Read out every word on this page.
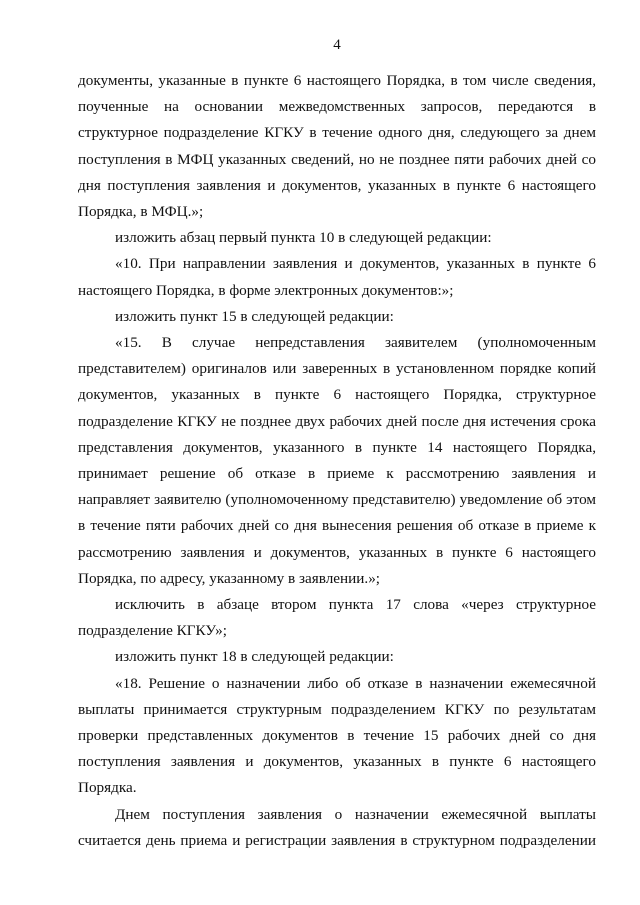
4

документы, указанные в пункте 6 настоящего Порядка, в том числе сведения, поученные на основании межведомственных запросов, передаются в структурное подразделение КГКУ в течение одного дня, следующего за днем поступления в МФЦ указанных сведений, но не позднее пяти рабочих дней со дня поступления заявления и документов, указанных в пункте 6 настоящего Порядка, в МФЦ.»;

изложить абзац первый пункта 10 в следующей редакции:

«10. При направлении заявления и документов, указанных в пункте 6 настоящего Порядка, в форме электронных документов:»;

изложить пункт 15 в следующей редакции:

«15. В случае непредставления заявителем (уполномоченным представителем) оригиналов или заверенных в установленном порядке копий документов, указанных в пункте 6 настоящего Порядка, структурное подразделение КГКУ не позднее двух рабочих дней после дня истечения срока представления документов, указанного в пункте 14 настоящего Порядка, принимает решение об отказе в приеме к рассмотрению заявления и направляет заявителю (уполномоченному представителю) уведомление об этом в течение пяти рабочих дней со дня вынесения решения об отказе в приеме к рассмотрению заявления и документов, указанных в пункте 6 настоящего Порядка, по адресу, указанному в заявлении.»;

исключить в абзаце втором пункта 17 слова «через структурное подразделение КГКУ»;

изложить пункт 18 в следующей редакции:

«18. Решение о назначении либо об отказе в назначении ежемесячной выплаты принимается структурным подразделением КГКУ по результатам проверки представленных документов в течение 15 рабочих дней со дня поступления заявления и документов, указанных в пункте 6 настоящего Порядка.

Днем поступления заявления о назначении ежемесячной выплаты считается день приема и регистрации заявления в структурном подразделении
